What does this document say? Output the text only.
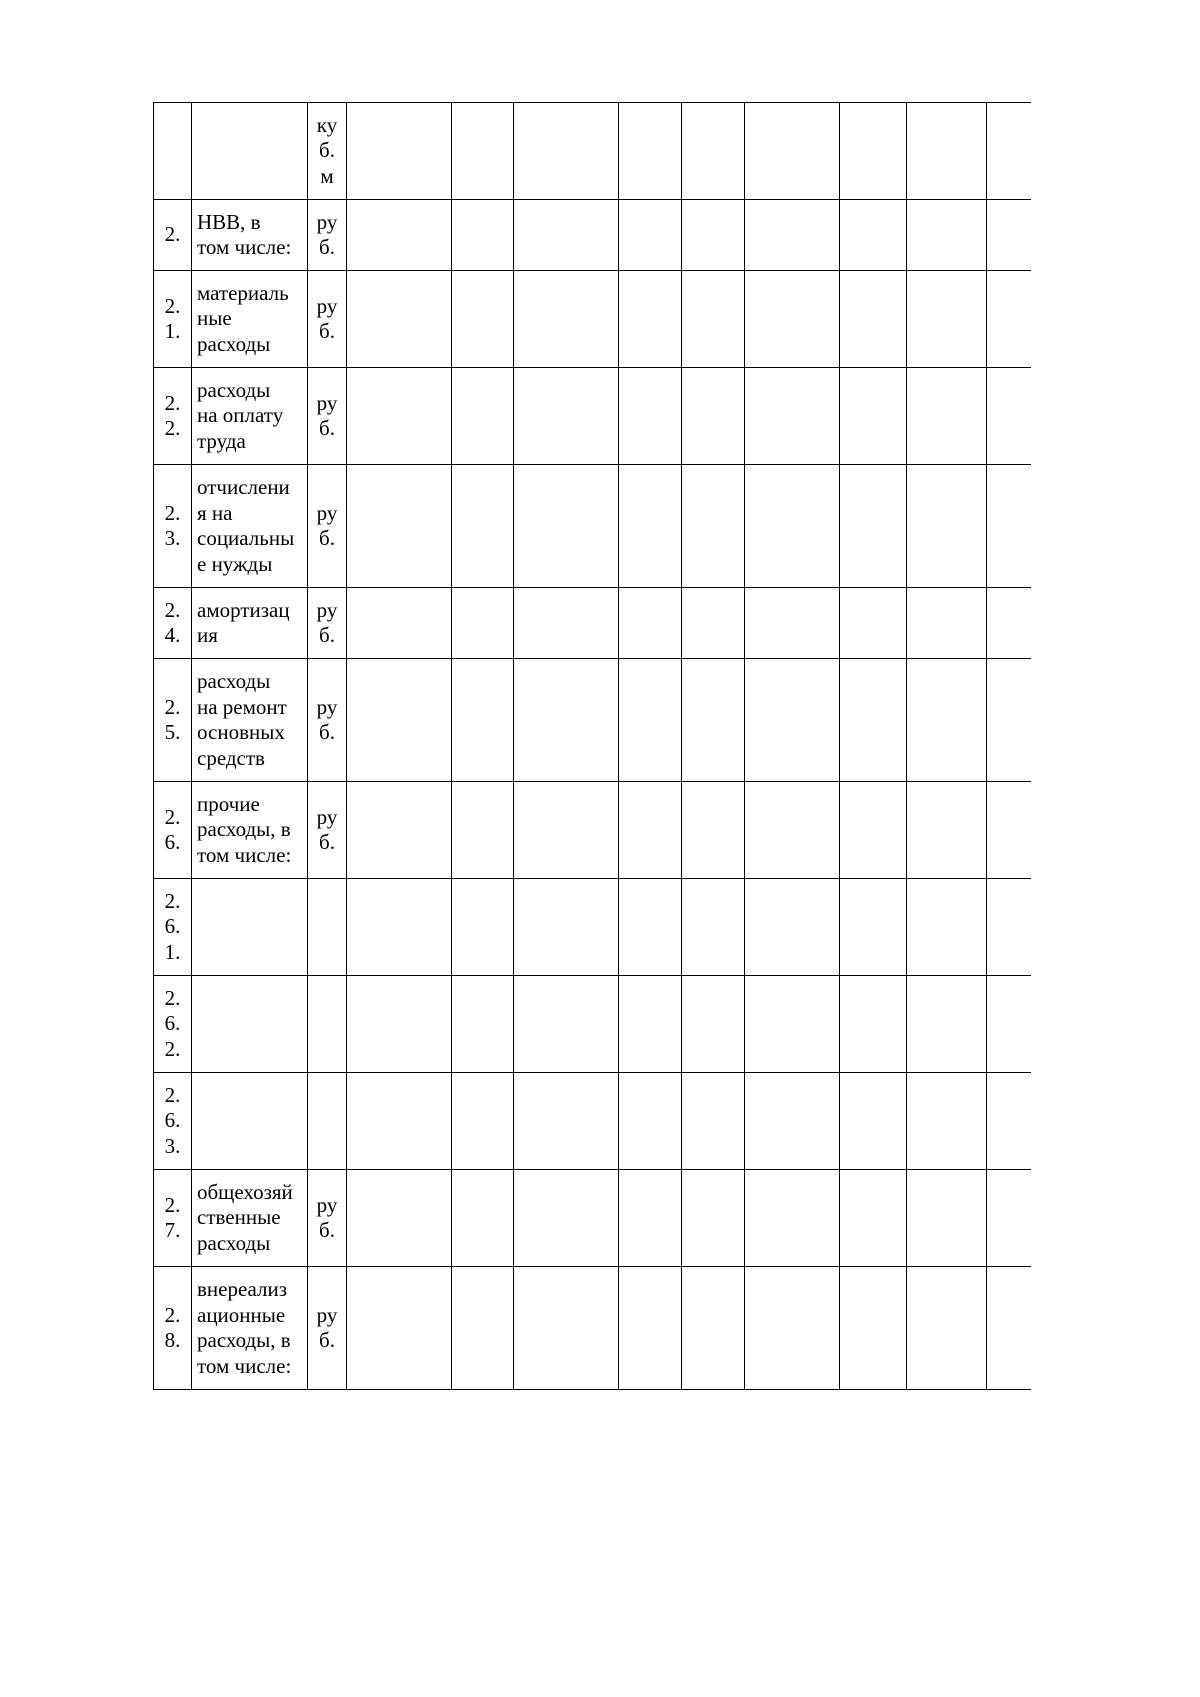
		ку
б.
м									

2.	НВВ, в
том числе:	ру
б.									

2.
1.	материаль
ные
расходы	ру
б.									

2.
2.	расходы
на оплату
труда	ру
б.									

2.
3.	отчислени
я на
социальны
е нужды	ру
б.									

2.
4.	амортизац
ия	ру
б.									

2.
5.	расходы
на ремонт
основных
средств	ру
б.									

2.
6.	прочие
расходы, в
том числе:	ру
б.									

2.
6.
1.											

2.
6.
2.											

2.
6.
3.											

2.
7.	общехозяй
ственные
расходы	ру
б.									

2.
8.	внереализ
ационные
расходы, в
том числе:	ру
б.									
